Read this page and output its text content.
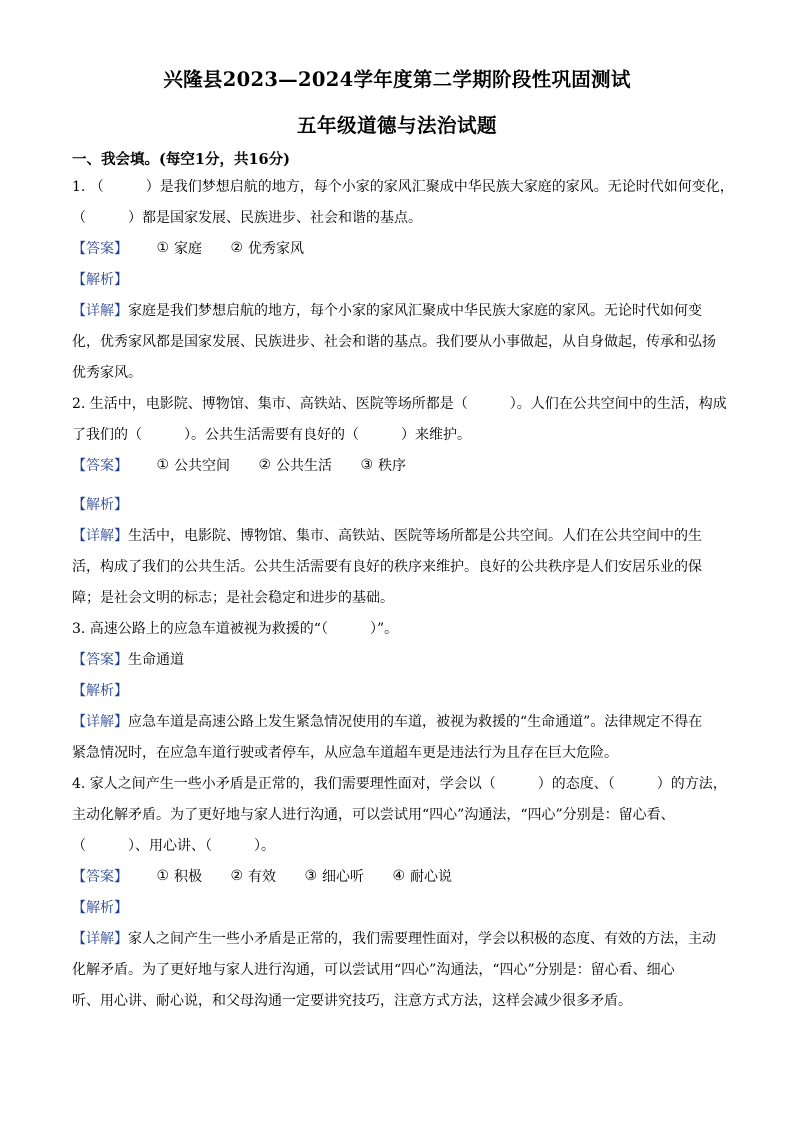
兴隆县2023—2024学年度第二学期阶段性巩固测试
五年级道德与法治试题

一、我会填。(每空1分，共16分)

1. （　　　）是我们梦想启航的地方，每个小家的家风汇聚成中华民族大家庭的家风。无论时代如何变化，

（　　　）都是国家发展、民族进步、社会和谐的基点。

【答案】 ① 家庭 ② 优秀家风

【解析】

【详解】家庭是我们梦想启航的地方，每个小家的家风汇聚成中华民族大家庭的家风。无论时代如何变

化，优秀家风都是国家发展、民族进步、社会和谐的基点。我们要从小事做起，从自身做起，传承和弘扬

优秀家风。

2. 生活中，电影院、博物馆、集市、高铁站、医院等场所都是（　　　）。人们在公共空间中的生活，构成

了我们的（　　　）。公共生活需要有良好的（　　　）来维护。

【答案】 ① 公共空间 ② 公共生活 ③ 秩序

【解析】

【详解】生活中，电影院、博物馆、集市、高铁站、医院等场所都是公共空间。人们在公共空间中的生

活，构成了我们的公共生活。公共生活需要有良好的秩序来维护。良好的公共秩序是人们安居乐业的保

障；是社会文明的标志；是社会稳定和进步的基础。

3. 高速公路上的应急车道被视为救援的“（　　　）”。

【答案】生命通道

【解析】

【详解】应急车道是高速公路上发生紧急情况使用的车道，被视为救援的“生命通道”。法律规定不得在

紧急情况时，在应急车道行驶或者停车，从应急车道超车更是违法行为且存在巨大危险。

4. 家人之间产生一些小矛盾是正常的，我们需要理性面对，学会以（　　　）的态度、（　　　）的方法，

主动化解矛盾。为了更好地与家人进行沟通，可以尝试用“四心”沟通法，“四心”分别是：留心看、

（　　　）、用心讲、（　　　）。

【答案】 ① 积极 ② 有效 ③ 细心听 ④ 耐心说

【解析】

【详解】家人之间产生一些小矛盾是正常的，我们需要理性面对，学会以积极的态度、有效的方法，主动

化解矛盾。为了更好地与家人进行沟通，可以尝试用“四心”沟通法，“四心”分别是：留心看、细心

听、用心讲、耐心说，和父母沟通一定要讲究技巧，注意方式方法，这样会减少很多矛盾。
